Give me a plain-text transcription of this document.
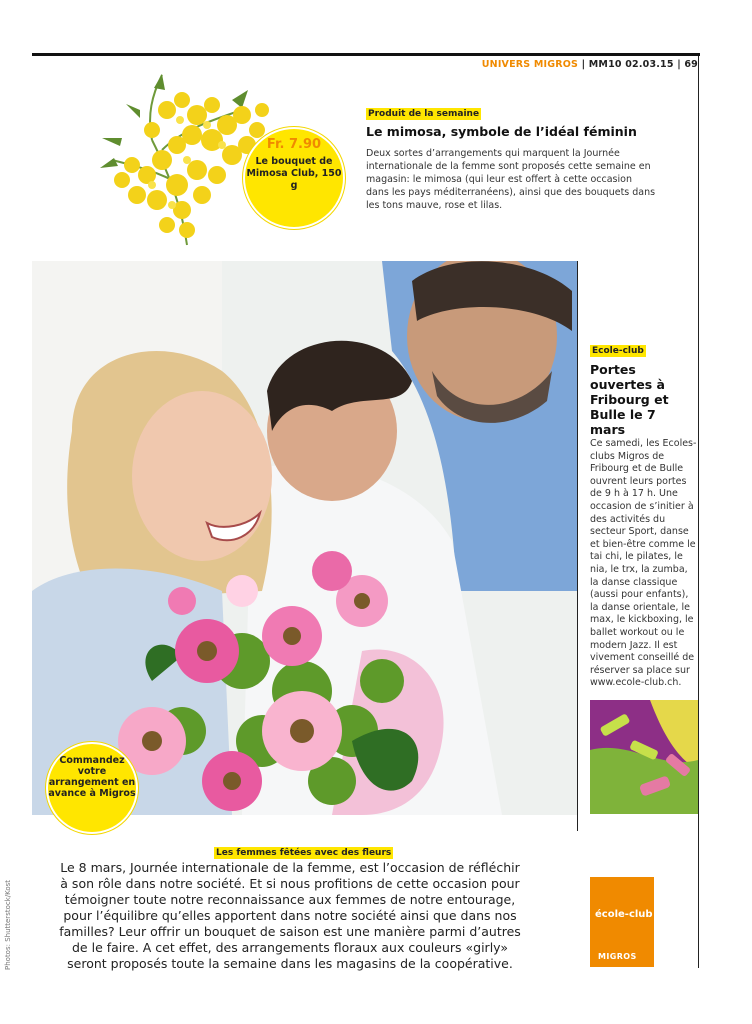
UNIVERS MIGROS | MM10 02.03.15 | 69
Fr. 7.90
Le bouquet de Mimosa Club, 150 g
Produit de la semaine
Le mimosa, symbole de l’idéal féminin
Deux sortes d’arrangements qui marquent la Journée internationale de la femme sont proposés cette semaine en magasin: le mimosa (qui leur est offert à cette occasion dans les pays méditerranéens), ainsi que des bouquets dans les tons mauve, rose et lilas.
Commandez votre arrangement en avance à Migros
Ecole-club
Portes ouvertes à Fribourg et Bulle le 7 mars
Ce samedi, les Ecoles-clubs Migros de Fribourg et de Bulle ouvrent leurs portes de 9 h à 17 h. Une occasion de s’initier à des activités du secteur Sport, danse et bien-être comme le tai chi, le pilates, le nia, le trx, la zumba, la danse classique (aussi pour enfants), la danse orientale, le max, le kickboxing, le ballet workout ou le modern Jazz. Il est vivement conseillé de réserver sa place sur www.ecole-club.ch.
école-club
MIGROS
Les femmes fêtées avec des fleurs
Le 8 mars, Journée internationale de la femme, est l’occasion de réfléchir à son rôle dans notre société. Et si nous profitions de cette occasion pour témoigner toute notre reconnaissance aux femmes de notre entourage, pour l’équilibre qu’elles apportent dans notre société ainsi que dans nos familles? Leur offrir un bouquet de saison est une manière parmi d’autres de le faire. A cet effet, des arrangements floraux aux couleurs «girly» seront proposés toute la semaine dans les magasins de la coopérative.
Photos: Shutterstock/Kost
